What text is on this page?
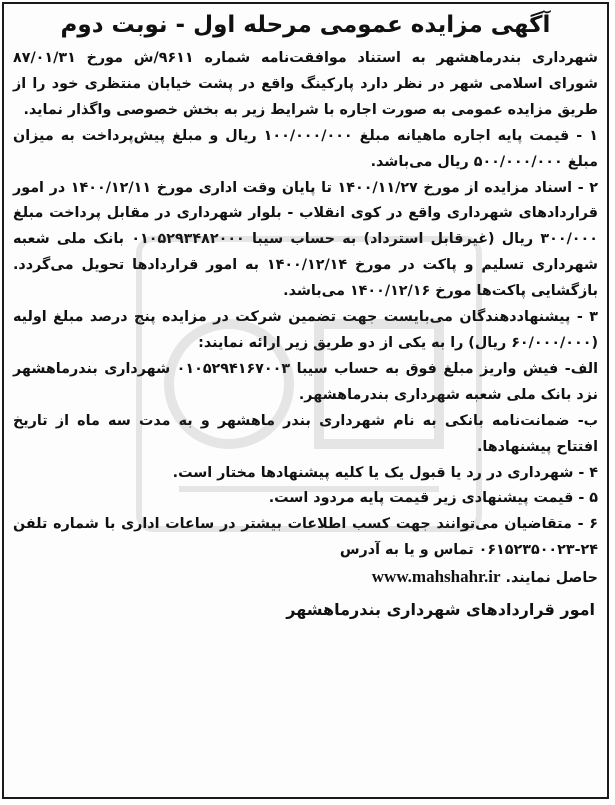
آگهی مزایده عمومی مرحله اول - نوبت دوم

شهرداری بندرماهشهر به استناد موافقت‌نامه شماره ۹۶۱۱/ش مورخ ۸۷/۰۱/۳۱ شورای اسلامی شهر در نظر دارد پارکینگ واقع در پشت خیابان منتظری خود را از طریق مزایده عمومی به صورت اجاره با شرایط زیر به بخش خصوصی واگذار نماید.

۱ - قیمت پایه اجاره ماهیانه مبلغ ۱۰۰/۰۰۰/۰۰۰ ریال و مبلغ پیش‌پرداخت به میزان مبلغ ۵۰۰/۰۰۰/۰۰۰ ریال می‌باشد.

۲ - اسناد مزایده از مورخ ۱۴۰۰/۱۱/۲۷ تا پایان وقت اداری مورخ ۱۴۰۰/۱۲/۱۱ در امور قراردادهای شهرداری واقع در کوی انقلاب - بلوار شهرداری در مقابل پرداخت مبلغ ۳۰۰/۰۰۰ ریال (غیرقابل استرداد) به حساب سیبا ۰۱۰۵۲۹۳۴۸۲۰۰۰ بانک ملی شعبه شهرداری تسلیم و پاکت در مورخ ۱۴۰۰/۱۲/۱۴ به امور قراردادها تحویل می‌گردد. بازگشایی پاکت‌ها مورخ ۱۴۰۰/۱۲/۱۶ می‌باشد.

۳ - پیشنهاددهندگان می‌بایست جهت تضمین شرکت در مزایده پنج درصد مبلغ اولیه (۶۰/۰۰۰/۰۰۰ ریال) را به یکی از دو طریق زیر ارائه نمایند:

الف- فیش واریز مبلغ فوق به حساب سیبا ۰۱۰۵۲۹۴۱۶۷۰۰۳ شهرداری بندرماهشهر نزد بانک ملی شعبه شهرداری بندرماهشهر.

ب- ضمانت‌نامه بانکی به نام شهرداری بندر ماهشهر و به مدت سه ماه از تاریخ افتتاح پیشنهادها.

۴ - شهرداری در رد یا قبول یک یا کلیه پیشنهادها مختار است.

۵ - قیمت پیشنهادی زیر قیمت پایه مردود است.

۶ - متقاضیان می‌توانند جهت کسب اطلاعات بیشتر در ساعات اداری با شماره تلفن ۲۴-۰۶۱۵۲۳۵۰۰۲۳ تماس و یا به آدرس

www.mahshahr.ir حاصل نمایند.
امور قراردادهای شهرداری بندرماهشهر
